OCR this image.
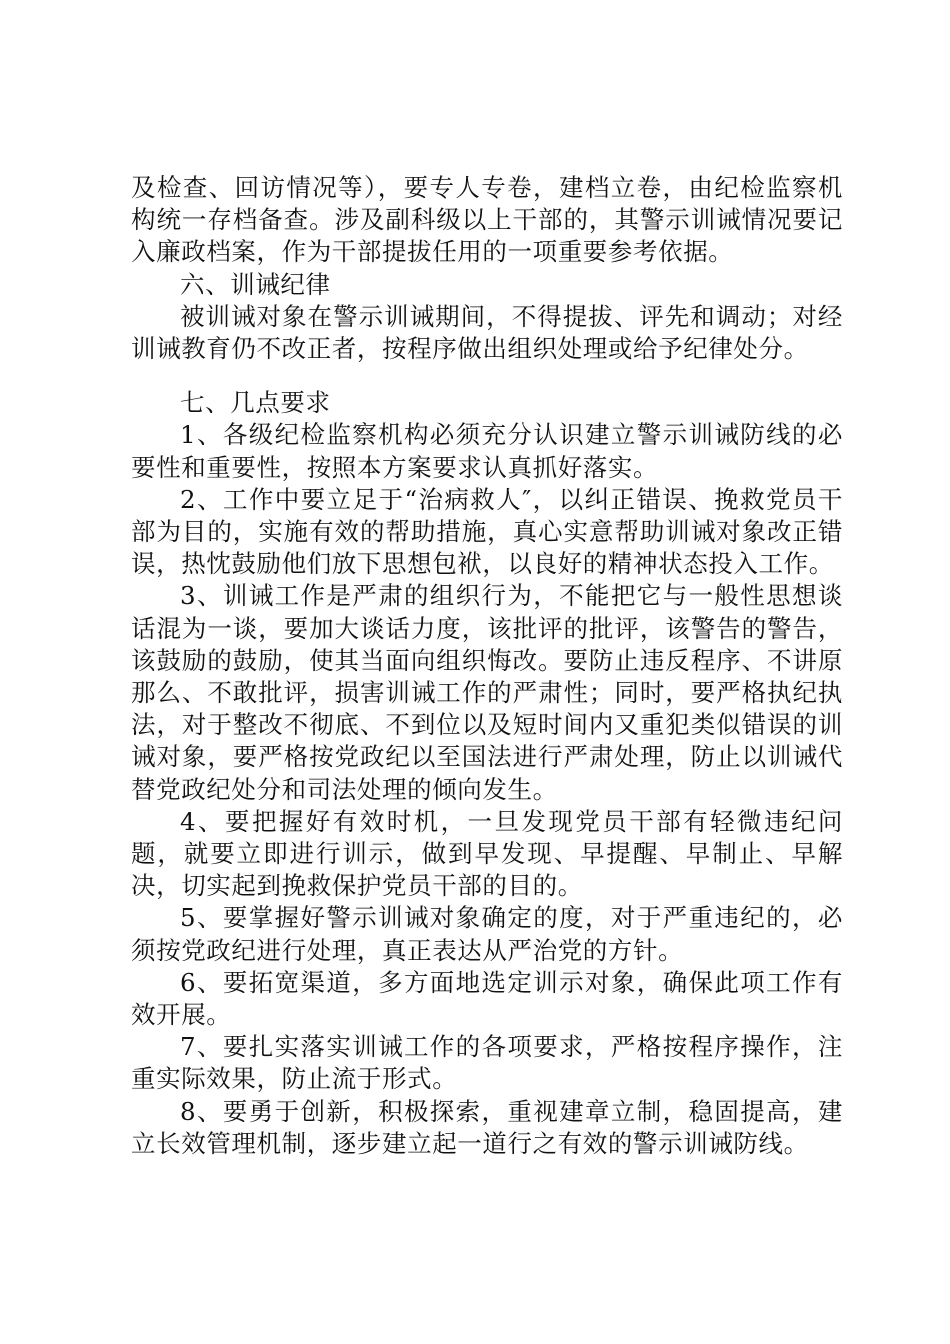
及检查、回访情况等），要专人专卷，建档立卷，由纪检监察机构统一存档备查。涉及副科级以上干部的，其警示训诫情况要记入廉政档案，作为干部提拔任用的一项重要参考依据。

六、训诫纪律

被训诫对象在警示训诫期间，不得提拔、评先和调动；对经训诫教育仍不改正者，按程序做出组织处理或给予纪律处分。

七、几点要求

1、各级纪检监察机构必须充分认识建立警示训诫防线的必要性和重要性，按照本方案要求认真抓好落实。

2、工作中要立足于“治病救人″，以纠正错误、挽救党员干部为目的，实施有效的帮助措施，真心实意帮助训诫对象改正错误，热忱鼓励他们放下思想包袱，以良好的精神状态投入工作。

3、训诫工作是严肃的组织行为，不能把它与一般性思想谈话混为一谈，要加大谈话力度，该批评的批评，该警告的警告，该鼓励的鼓励，使其当面向组织悔改。要防止违反程序、不讲原那么、不敢批评，损害训诫工作的严肃性；同时，要严格执纪执法，对于整改不彻底、不到位以及短时间内又重犯类似错误的训诫对象，要严格按党政纪以至国法进行严肃处理，防止以训诫代替党政纪处分和司法处理的倾向发生。

4、要把握好有效时机，一旦发现党员干部有轻微违纪问题，就要立即进行训示，做到早发现、早提醒、早制止、早解决，切实起到挽救保护党员干部的目的。

5、要掌握好警示训诫对象确定的度，对于严重违纪的，必须按党政纪进行处理，真正表达从严治党的方针。

6、要拓宽渠道，多方面地选定训示对象，确保此项工作有效开展。

7、要扎实落实训诫工作的各项要求，严格按程序操作，注重实际效果，防止流于形式。

8、要勇于创新，积极探索，重视建章立制，稳固提高，建立长效管理机制，逐步建立起一道行之有效的警示训诫防线。
